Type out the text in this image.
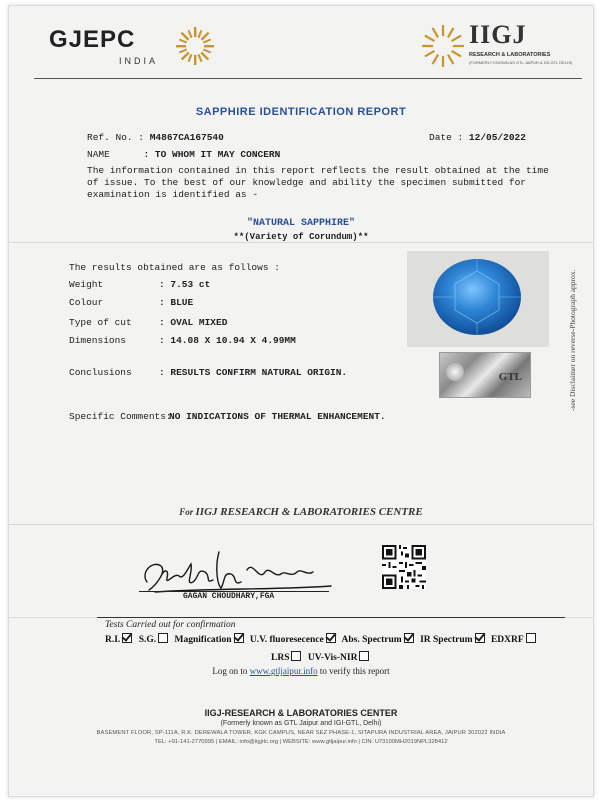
GJEPC
INDIA
IIGJ
RESEARCH & LABORATORIES
(FORMERLY KNOWN AS GTL JAIPUR & IGI-GTL DELHI)
SAPPHIRE IDENTIFICATION REPORT
Ref. No. : M4867CA167540	Date : 12/05/2022
NAME	: TO WHOM IT MAY CONCERN
The information contained in this report reflects the result obtained at the time of issue. To the best of our knowledge and ability the specimen submitted for examination is identified as -
"NATURAL SAPPHIRE"
**(Variety of Corundum)**
The results obtained are as follows :
Weight	: 7.53 ct
Colour	: BLUE
Type of cut	: OVAL MIXED
Dimensions	: 14.08 X 10.94 X 4.99MM
Conclusions	: RESULTS CONFIRM NATURAL ORIGIN.
Specific Comments:
NO INDICATIONS OF THERMAL ENHANCEMENT.
GTL	-see Disclaimer on reverse-Photograph approx.
For IIGJ RESEARCH & LABORATORIES CENTRE
GAGAN CHOUDHARY,FGA
Tests Carried out for confirmation
R.I. S.G. Magnification U.V. fluoresecence Abs. Spectrum IR Spectrum EDXRF
LRS UV-Vis-NIR
Log on to www.gtljaipur.info to verify this report
IIGJ-RESEARCH & LABORATORIES CENTER
(Formerly known as GTL Jaipur and IGI-GTL, Delhi)
BASEMENT FLOOR, SP-111A, R.K. DEREWALA TOWER, KGK CAMPUS, NEAR SEZ PHASE-1, SITAPURA INDUSTRIAL AREA, JAIPUR 302022 INDIA
TEL: +91-141-2770995 | EMAIL: info@iigjrlc.org | WEBSITE: www.gtljaipur.info | CIN: U73100MH2019NPL328412
